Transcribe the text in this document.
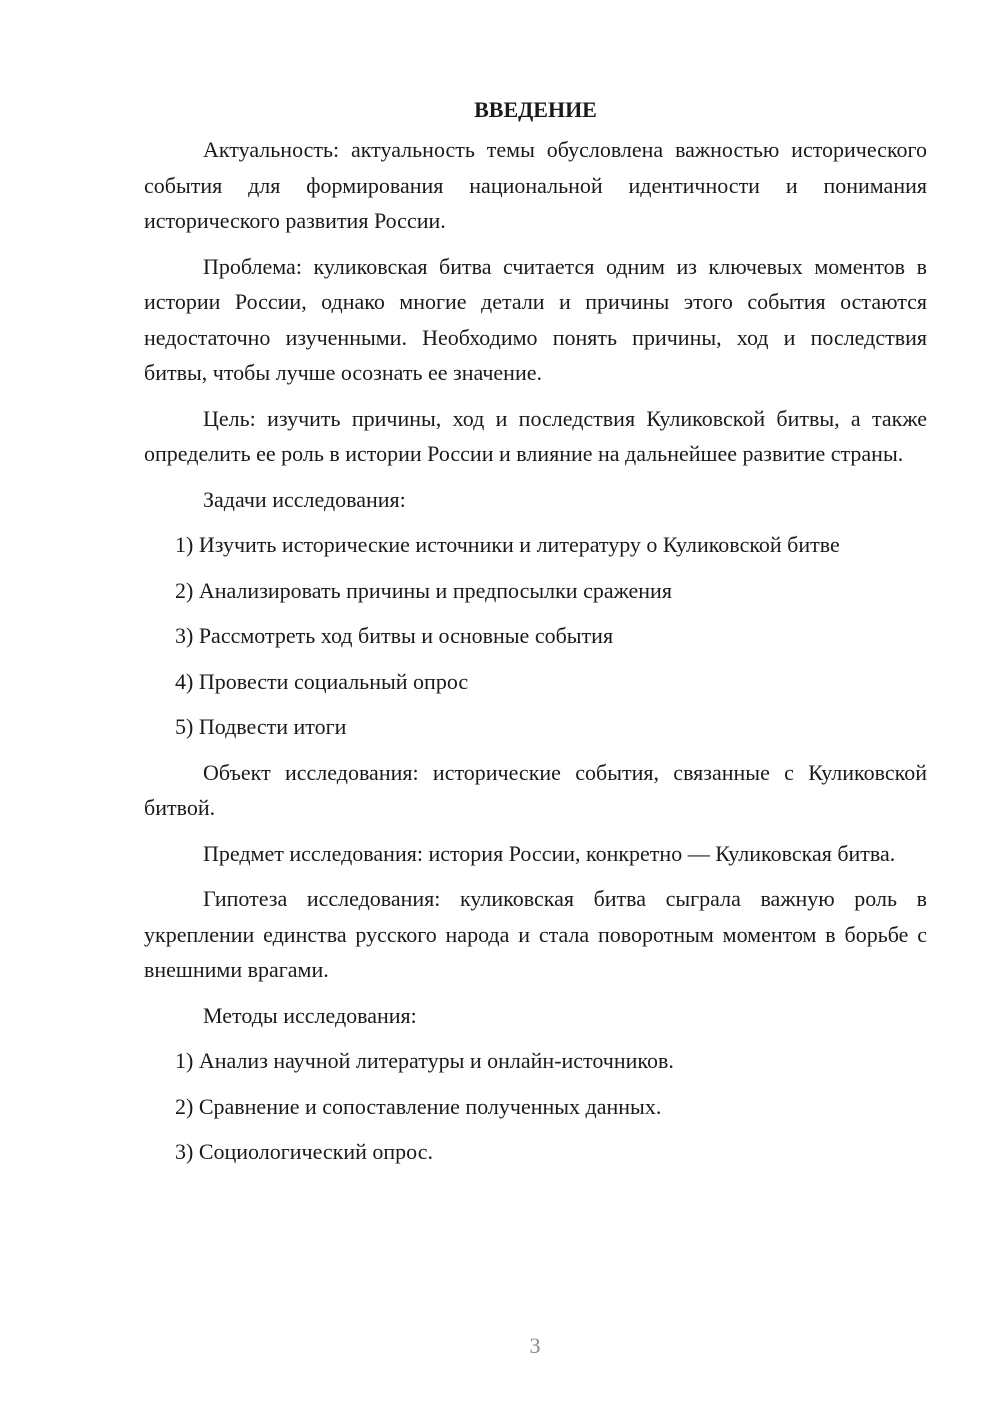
ВВЕДЕНИЕ

Актуальность: актуальность темы обусловлена важностью исторического события для формирования национальной идентичности и понимания исторического развития России.

Проблема: куликовская битва считается одним из ключевых моментов в истории России, однако многие детали и причины этого события остаются недостаточно изученными. Необходимо понять причины, ход и последствия битвы, чтобы лучше осознать ее значение.

Цель: изучить причины, ход и последствия Куликовской битвы, а также определить ее роль в истории России и влияние на дальнейшее развитие страны.

Задачи исследования:

1) Изучить исторические источники и литературу о Куликовской битве

2) Анализировать причины и предпосылки сражения

3) Рассмотреть ход битвы и основные события

4) Провести социальный опрос

5) Подвести итоги

Объект исследования: исторические события, связанные с Куликовской битвой.

Предмет исследования: история России, конкретно — Куликовская битва.

Гипотеза исследования: куликовская битва сыграла важную роль в укреплении единства русского народа и стала поворотным моментом в борьбе с внешними врагами.

Методы исследования:

1) Анализ научной литературы и онлайн-источников.

2) Сравнение и сопоставление полученных данных.

3) Социологический опрос.

3
